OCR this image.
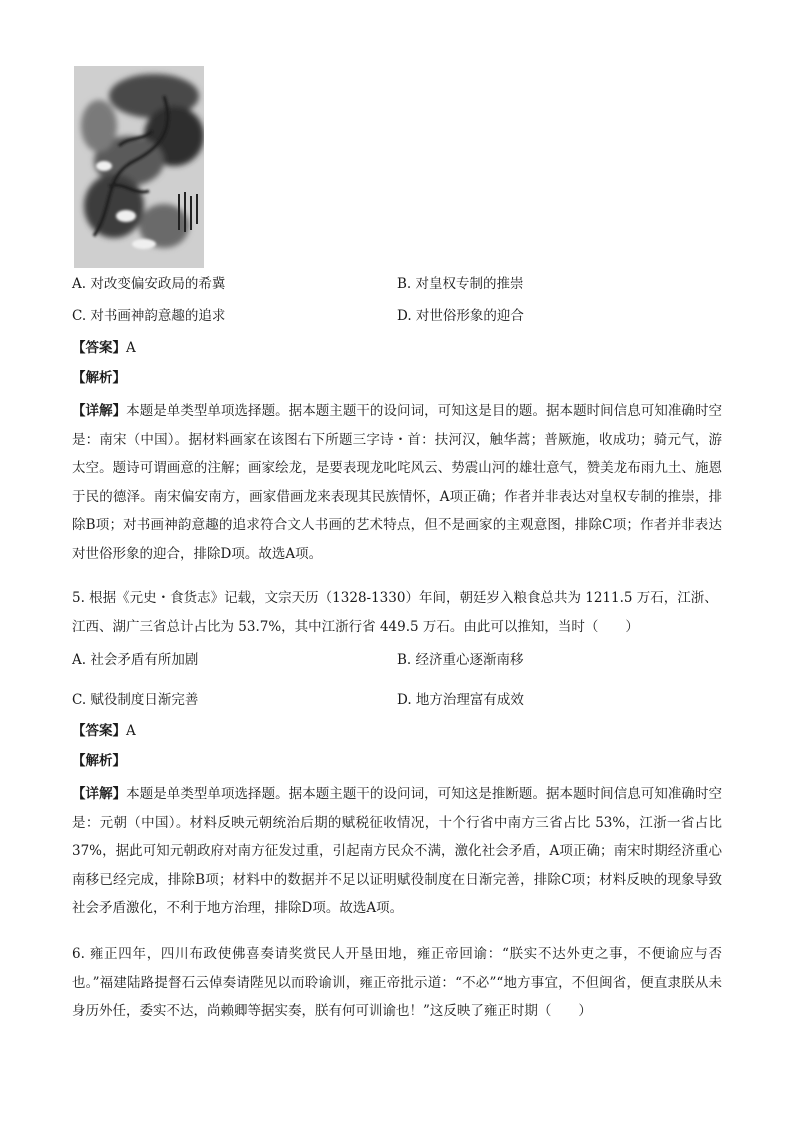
A. 对改变偏安政局的希冀	B. 对皇权专制的推崇
C. 对书画神韵意趣的追求	D. 对世俗形象的迎合
【答案】A
【解析】
【详解】本题是单类型单项选择题。据本题主题干的设问词，可知这是目的题。据本题时间信息可知准确时空是：南宋（中国）。据材料画家在该图右下所题三字诗・首：扶河汉，触华蒿；普厥施，收成功；骑元气，游太空。题诗可谓画意的注解；画家绘龙，是要表现龙叱咤风云、势震山河的雄壮意气，赞美龙布雨九土、施恩于民的德泽。南宋偏安南方，画家借画龙来表现其民族情怀，A项正确；作者并非表达对皇权专制的推崇，排除B项；对书画神韵意趣的追求符合文人书画的艺术特点，但不是画家的主观意图，排除C项；作者并非表达对世俗形象的迎合，排除D项。故选A项。
5. 根据《元史・食货志》记载，文宗天历（1328-1330）年间，朝廷岁入粮食总共为 1211.5 万石，江浙、江西、湖广三省总计占比为 53.7%，其中江浙行省 449.5 万石。由此可以推知，当时（　　）
A. 社会矛盾有所加剧	B. 经济重心逐渐南移
C. 赋役制度日渐完善	D. 地方治理富有成效
【答案】A
【解析】
【详解】本题是单类型单项选择题。据本题主题干的设问词，可知这是推断题。据本题时间信息可知准确时空是：元朝（中国）。材料反映元朝统治后期的赋税征收情况，十个行省中南方三省占比 53%，江浙一省占比 37%，据此可知元朝政府对南方征发过重，引起南方民众不满，激化社会矛盾，A项正确；南宋时期经济重心南移已经完成，排除B项；材料中的数据并不足以证明赋役制度在日渐完善，排除C项；材料反映的现象导致社会矛盾激化，不利于地方治理，排除D项。故选A项。
6. 雍正四年，四川布政使佛喜奏请奖赏民人开垦田地，雍正帝回谕：“朕实不达外吏之事，不便谕应与否也。”福建陆路提督石云倬奏请陛见以而聆谕训，雍正帝批示道：“不必”“地方事宜，不但闽省，便直隶朕从未身历外任，委实不达，尚赖卿等据实奏，朕有何可训谕也！”这反映了雍正时期（　　）
